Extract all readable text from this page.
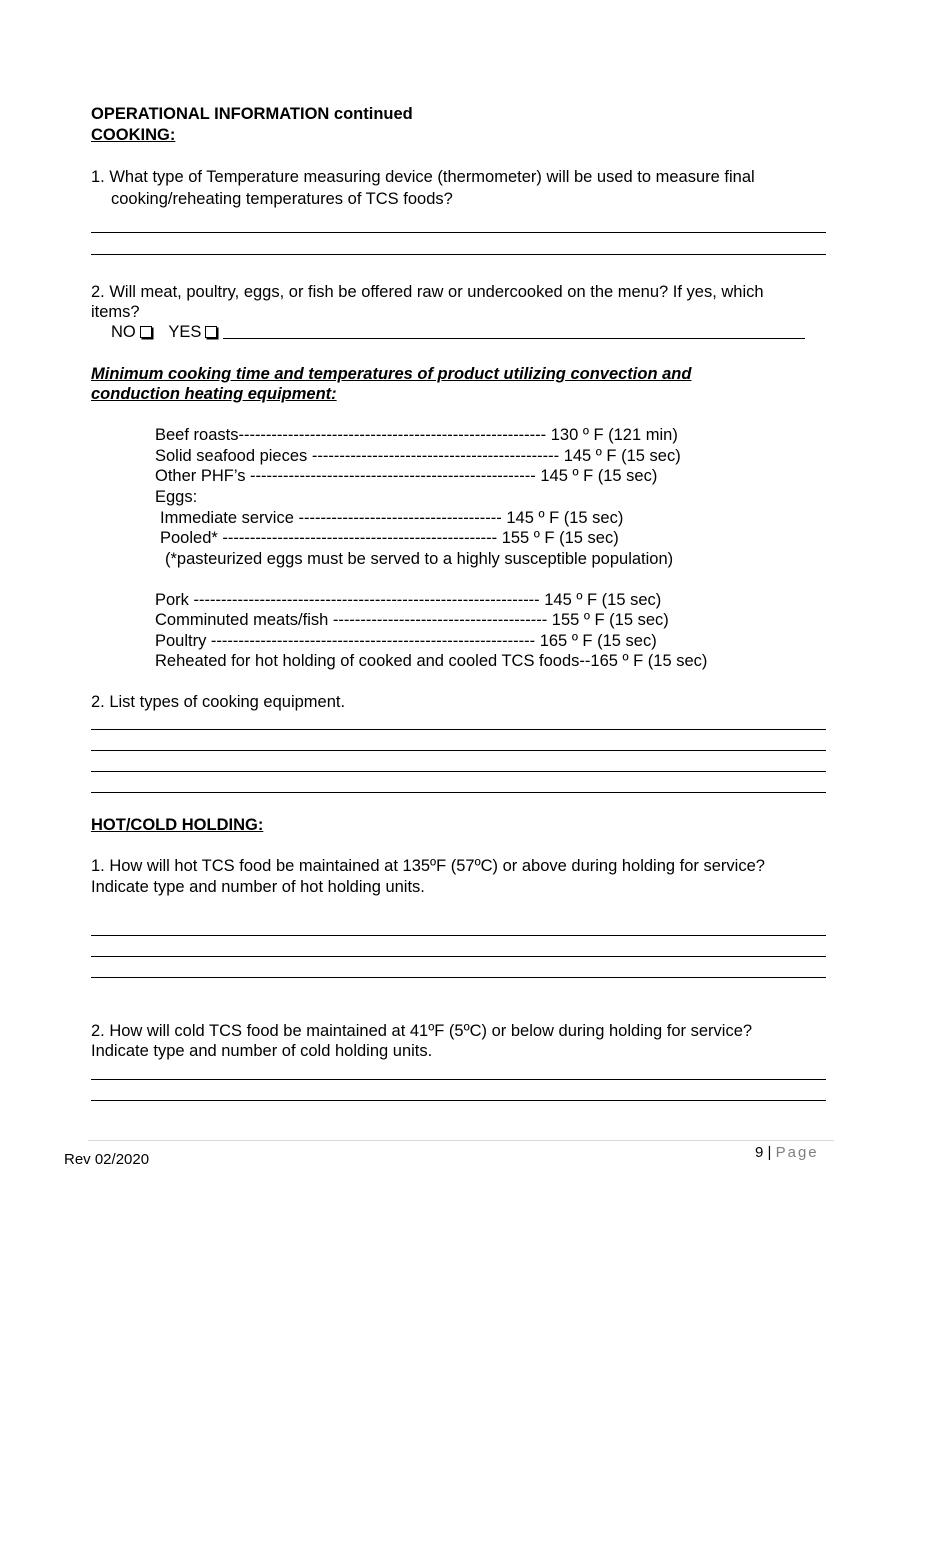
OPERATIONAL INFORMATION continued
COOKING:
1. What type of Temperature measuring device (thermometer) will be used to measure final
cooking/reheating temperatures of TCS foods?
2. Will meat, poultry, eggs, or fish be offered raw or undercooked on the menu? If yes, which
items?
NO YES
Minimum cooking time and temperatures of product utilizing convection and
conduction heating equipment:
Beef roasts-------------------------------------------------------- 130 º F (121 min)
Solid seafood pieces --------------------------------------------- 145 º F (15 sec)
Other PHF’s ---------------------------------------------------- 145 º F (15 sec)
Eggs:
Immediate service ------------------------------------- 145 º F (15 sec)
Pooled* -------------------------------------------------- 155 º F (15 sec)
(*pasteurized eggs must be served to a highly susceptible population)
Pork --------------------------------------------------------------- 145 º F (15 sec)
Comminuted meats/fish --------------------------------------- 155 º F (15 sec)
Poultry ----------------------------------------------------------- 165 º F (15 sec)
Reheated for hot holding of cooked and cooled TCS foods--165 º F (15 sec)
2. List types of cooking equipment.
HOT/COLD HOLDING:
1. How will hot TCS food be maintained at 135ºF (57ºC) or above during holding for service?
Indicate type and number of hot holding units.
2. How will cold TCS food be maintained at 41ºF (5ºC) or below during holding for service?
Indicate type and number of cold holding units.
Rev 02/2020	9 | Page
